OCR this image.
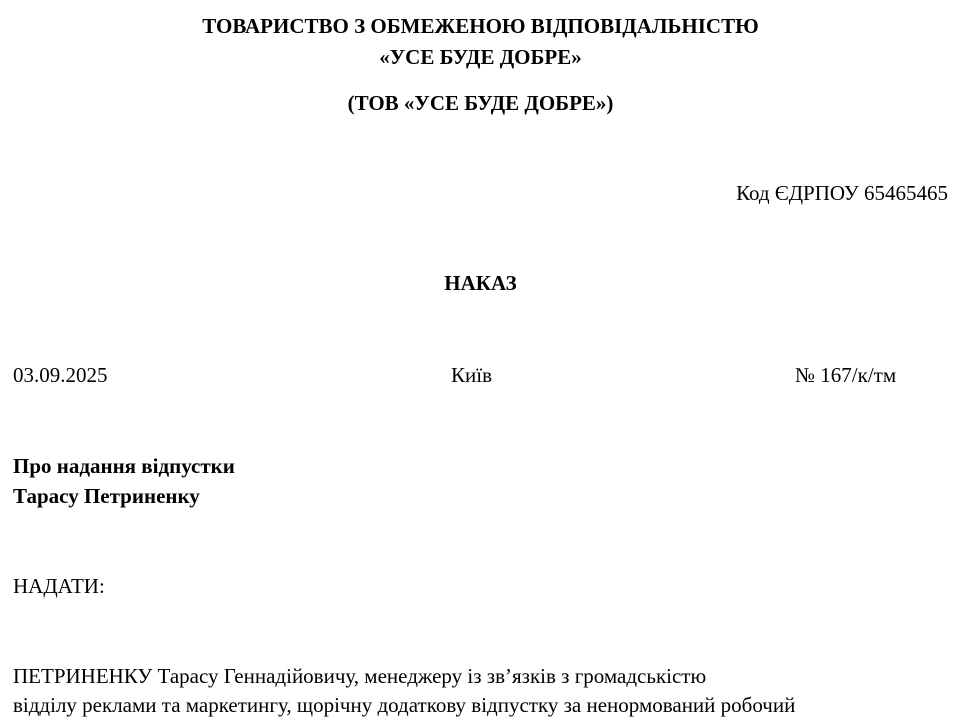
ТОВАРИСТВО З ОБМЕЖЕНОЮ ВІДПОВІДАЛЬНІСТЮ
«УСЕ БУДЕ ДОБРЕ»
(ТОВ «УСЕ БУДЕ ДОБРЕ»)
Код ЄДРПОУ 65465465
НАКАЗ
03.09.2025	Київ	№ 167/к/тм
Про надання відпустки
Тарасу Петриненку
НАДАТИ:
ПЕТРИНЕНКУ Тарасу Геннадійовичу, менеджеру із зв’язків з громадськістю
відділу реклами та маркетингу, щорічну додаткову відпустку за ненормований робочий
